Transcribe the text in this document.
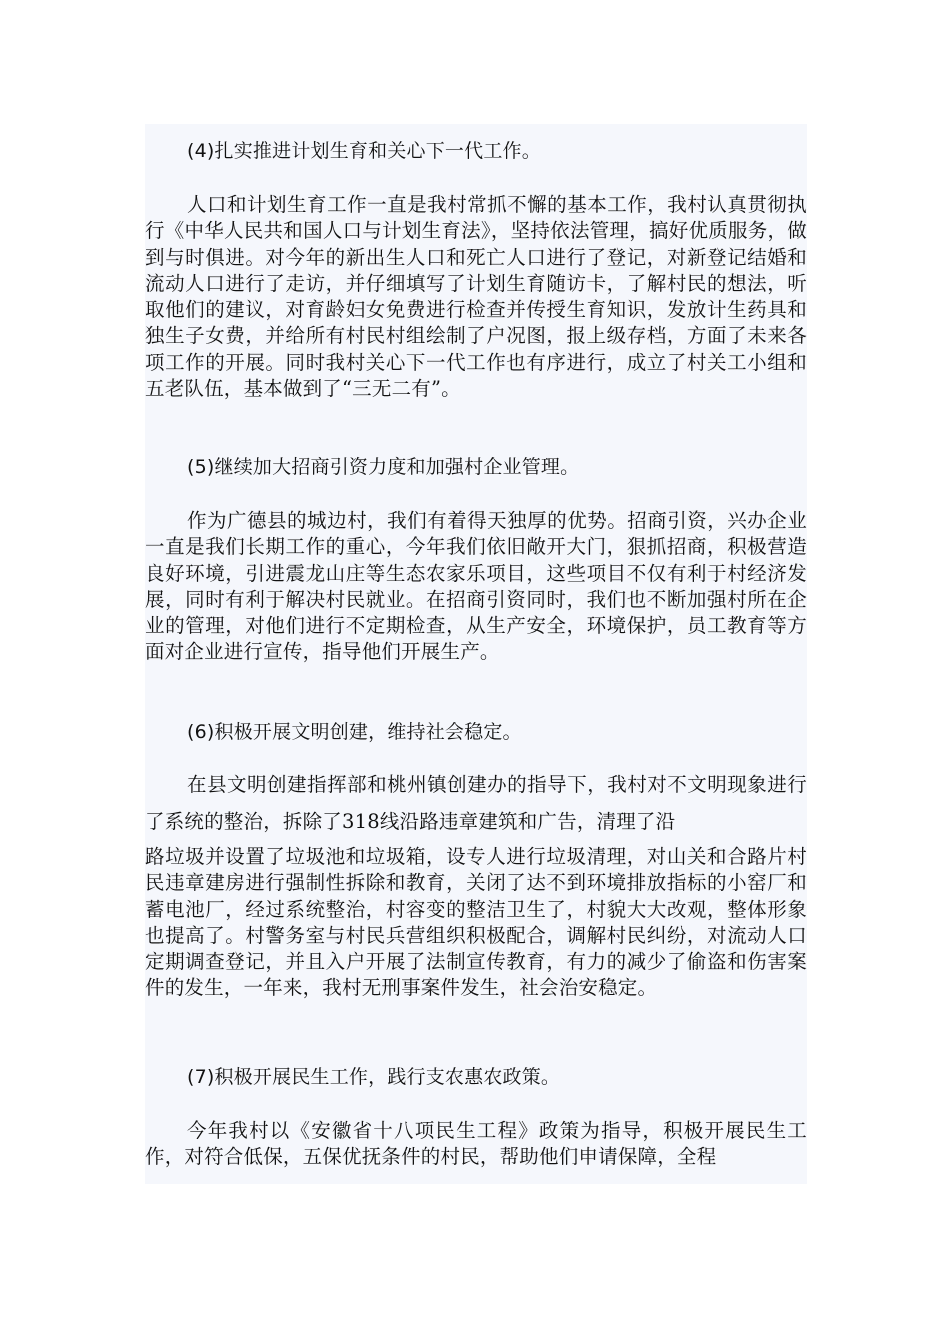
(4)扎实推进计划生育和关心下一代工作。

人口和计划生育工作一直是我村常抓不懈的基本工作，我村认真贯彻执行《中华人民共和国人口与计划生育法》，坚持依法管理，搞好优质服务，做到与时俱进。对今年的新出生人口和死亡人口进行了登记，对新登记结婚和流动人口进行了走访，并仔细填写了计划生育随访卡，了解村民的想法，听取他们的建议，对育龄妇女免费进行检查并传授生育知识，发放计生药具和独生子女费，并给所有村民村组绘制了户况图，报上级存档，方面了未来各项工作的开展。同时我村关心下一代工作也有序进行，成立了村关工小组和五老队伍，基本做到了“三无二有”。

(5)继续加大招商引资力度和加强村企业管理。

作为广德县的城边村，我们有着得天独厚的优势。招商引资，兴办企业一直是我们长期工作的重心，今年我们依旧敞开大门，狠抓招商，积极营造良好环境，引进震龙山庄等生态农家乐项目，这些项目不仅有利于村经济发展，同时有利于解决村民就业。在招商引资同时，我们也不断加强村所在企业的管理，对他们进行不定期检查，从生产安全，环境保护，员工教育等方面对企业进行宣传，指导他们开展生产。

(6)积极开展文明创建，维持社会稳定。

在县文明创建指挥部和桃州镇创建办的指导下，我村对不文明现象进行了系统的整治，拆除了318线沿路违章建筑和广告，清理了沿

路垃圾并设置了垃圾池和垃圾箱，设专人进行垃圾清理，对山关和合路片村民违章建房进行强制性拆除和教育，关闭了达不到环境排放指标的小窑厂和蓄电池厂，经过系统整治，村容变的整洁卫生了，村貌大大改观，整体形象也提高了。村警务室与村民兵营组织积极配合，调解村民纠纷，对流动人口定期调查登记，并且入户开展了法制宣传教育，有力的减少了偷盗和伤害案件的发生，一年来，我村无刑事案件发生，社会治安稳定。

(7)积极开展民生工作，践行支农惠农政策。

今年我村以《安徽省十八项民生工程》政策为指导，积极开展民生工作，对符合低保，五保优抚条件的村民，帮助他们申请保障，全程
